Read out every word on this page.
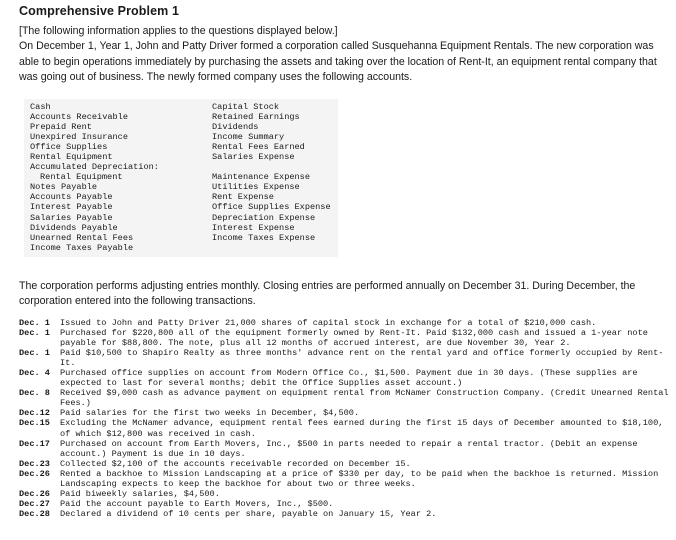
Comprehensive Problem 1

[The following information applies to the questions displayed below.]

On December 1, Year 1, John and Patty Driver formed a corporation called Susquehanna Equipment Rentals. The new corporation was able to begin operations immediately by purchasing the assets and taking over the location of Rent-It, an equipment rental company that was going out of business. The newly formed company uses the following accounts.

Cash
Accounts Receivable
Prepaid Rent
Unexpired Insurance
Office Supplies
Rental Equipment
Accumulated Depreciation:
Rental Equipment
Notes Payable
Accounts Payable
Interest Payable
Salaries Payable
Dividends Payable
Unearned Rental Fees
Income Taxes Payable
Capital Stock
Retained Earnings
Dividends
Income Summary
Rental Fees Earned
Salaries Expense
Maintenance Expense
Utilities Expense
Rent Expense
Office Supplies Expense
Depreciation Expense
Interest Expense
Income Taxes Expense

The corporation performs adjusting entries monthly. Closing entries are performed annually on December 31. During December, the corporation entered into the following transactions.

Dec. 1 Issued to John and Patty Driver 21,000 shares of capital stock in exchange for a total of $210,000 cash.
Dec. 1 Purchased for $220,800 all of the equipment formerly owned by Rent-It. Paid $132,000 cash and issued a 1-year note payable for $88,800. The note, plus all 12 months of accrued interest, are due November 30, Year 2.
Dec. 1 Paid $10,500 to Shapiro Realty as three months' advance rent on the rental yard and office formerly occupied by Rent-It.
Dec. 4 Purchased office supplies on account from Modern Office Co., $1,500. Payment due in 30 days. (These supplies are expected to last for several months; debit the Office Supplies asset account.)
Dec. 8 Received $9,000 cash as advance payment on equipment rental from McNamer Construction Company. (Credit Unearned Rental Fees.)
Dec.12 Paid salaries for the first two weeks in December, $4,500.
Dec.15 Excluding the McNamer advance, equipment rental fees earned during the first 15 days of December amounted to $18,100, of which $12,800 was received in cash.
Dec.17 Purchased on account from Earth Movers, Inc., $500 in parts needed to repair a rental tractor. (Debit an expense account.) Payment is due in 10 days.
Dec.23 Collected $2,100 of the accounts receivable recorded on December 15.
Dec.26 Rented a backhoe to Mission Landscaping at a price of $330 per day, to be paid when the backhoe is returned. Mission Landscaping expects to keep the backhoe for about two or three weeks.
Dec.26 Paid biweekly salaries, $4,500.
Dec.27 Paid the account payable to Earth Movers, Inc., $500.
Dec.28 Declared a dividend of 10 cents per share, payable on January 15, Year 2.
